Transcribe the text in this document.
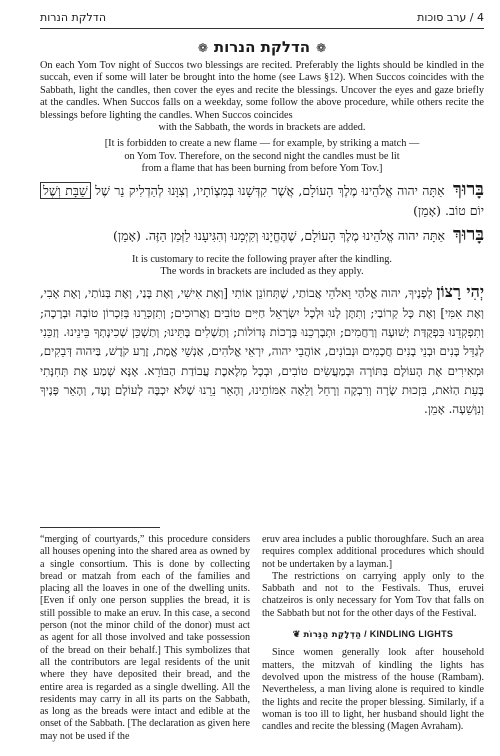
הדלקת הנרות	4 / ערב סוכות
❁הדלקת הנרות❁
On each Yom Tov night of Succos two blessings are recited. Preferably the lights should be kindled in the succah, even if some will later be brought into the home (see Laws §12). When Succos coincides with the Sabbath, light the candles, then cover the eyes and recite the blessings. Uncover the eyes and gaze briefly at the candles. When Succos falls on a weekday, some follow the above procedure, while others recite the blessings before lighting the candles. When Succos coincides
with the Sabbath, the words in brackets are added.
[It is forbidden to create a new flame — for example, by striking a match —
on Yom Tov. Therefore, on the second night the candles must be lit
from a flame that has been burning from before Yom Tov.]
בָּרוּךְ אַתָּה יהוה אֱלֹהֵינוּ מֶלֶךְ הָעוֹלָם, אֲשֶׁר קִדְּשָׁנוּ בְּמִצְוֹתָיו, וְצִוָּנוּ לְהַדְלִיק נֵר שֶׁל שַׁבָּת וְשֶׁל יוֹם טוֹב. (אָמֵן)
בָּרוּךְ אַתָּה יהוה אֱלֹהֵינוּ מֶלֶךְ הָעוֹלָם, שֶׁהֶחֱיָנוּ וְקִיְּמָנוּ וְהִגִּיעָנוּ לַזְּמַן הַזֶּה. (אָמֵן)
It is customary to recite the following prayer after the kindling.
The words in brackets are included as they apply.
יְהִי רָצוֹן לְפָנֶיךָ, יהוה אֱלֹהַי וֵאלֹהֵי אֲבוֹתַי, שֶׁתְּחוֹנֵן אוֹתִי [וְאֶת אִישִׁי, וְאֶת בָּנַי, וְאֶת בְּנוֹתַי, וְאֶת אָבִי, וְאֶת אִמִּי] וְאֶת כָּל קְרוֹבַי; וְתִתֶּן לָנוּ וּלְכָל יִשְׂרָאֵל חַיִּים טוֹבִים וַאֲרוּכִים; וְתִזְכְּרֵנוּ בְּזִכְרוֹן טוֹבָה וּבְרָכָה; וְתִפְקְדֵנוּ בִּפְקֻדַּת יְשׁוּעָה וְרַחֲמִים; וּתְבָרְכֵנוּ בְּרָכוֹת גְּדוֹלוֹת; וְתַשְׁלִים בָּתֵּינוּ; וְתַשְׁכֵּן שְׁכִינָתְךָ בֵּינֵינוּ. וְזַכֵּנִי לְגַדֵּל בָּנִים וּבְנֵי בָנִים חֲכָמִים וּנְבוֹנִים, אוֹהֲבֵי יהוה, יִרְאֵי אֱלֹהִים, אַנְשֵׁי אֱמֶת, זֶרַע קֹדֶשׁ, בַּיהוה דְּבֵקִים, וּמְאִירִים אֶת הָעוֹלָם בַּתּוֹרָה וּבְמַעֲשִׂים טוֹבִים, וּבְכָל מְלֶאכֶת עֲבוֹדַת הַבּוֹרֵא. אָנָּא שְׁמַע אֶת תְּחִנָּתִי בָּעֵת הַזֹּאת, בִּזְכוּת שָׂרָה וְרִבְקָה וְרָחֵל וְלֵאָה אִמּוֹתֵינוּ, וְהָאֵר נֵרֵנוּ שֶׁלֹּא יִכְבֶּה לְעוֹלָם וָעֶד, וְהָאֵר פָּנֶיךָ וְנִוָּשֵׁעָה. אָמֵן.

“merging of courtyards,” this procedure considers all houses opening into the shared area as owned by a single consortium. This is done by collecting bread or matzah from each of the families and placing all the loaves in one of the dwelling units. [Even if only one person supplies the bread, it is still possible to make an eruv. In this case, a second person (not the minor child of the donor) must act as agent for all those involved and take possession of the bread on their behalf.] This symbolizes that all the contributors are legal residents of the unit where they have deposited their bread, and the entire area is regarded as a single dwelling. All the residents may carry in all its parts on the Sabbath, as long as the breads were intact and edible at the onset of the Sabbath. [The declaration as given here may not be used if the

eruv area includes a public thoroughfare. Such an area requires complex additional procedures which should not be undertaken by a layman.]

The restrictions on carrying apply only to the Sabbath and not to the Festivals. Thus, eruvei chatzeiros is only necessary for Yom Tov that falls on the Sabbath but not for the other days of the Festival.

❦ הַדְלָקַת הַנֵּרוֹת / KINDLING LIGHTS

Since women generally look after household matters, the mitzvah of kindling the lights has devolved upon the mistress of the house (Rambam). Nevertheless, a man living alone is required to kindle the lights and recite the proper blessing. Similarly, if a woman is too ill to light, her husband should light the candles and recite the blessing (Magen Avraham).
